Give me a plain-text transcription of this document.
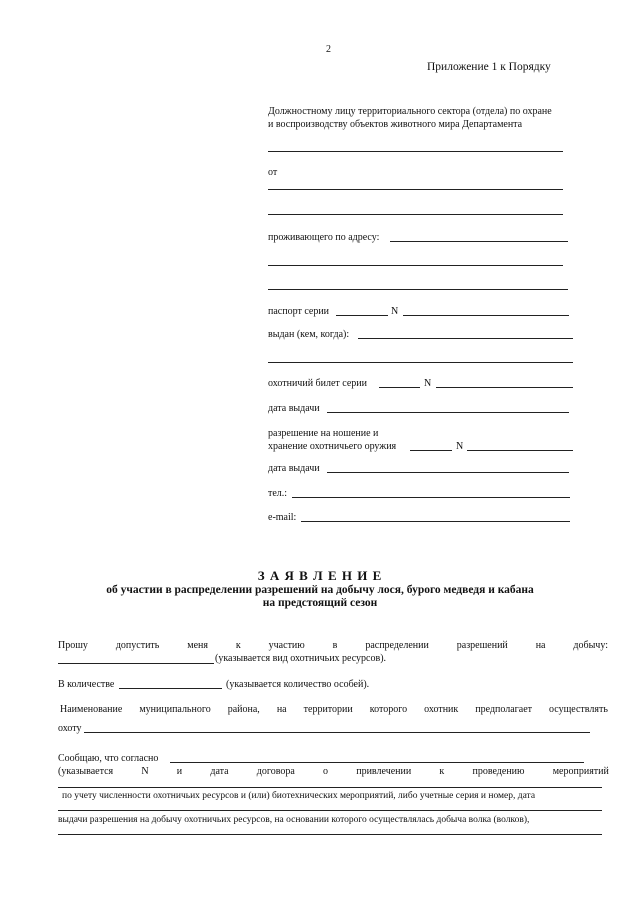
2
Приложение 1 к Порядку
Должностному лицу территориального сектора (отдела) по охране
и воспроизводству объектов животного мира Департамента
от
проживающего по адресу:
паспорт серии	N
выдан (кем, когда):
охотничий билет серии	N
дата выдачи
разрешение на ношение и
хранение охотничьего оружия	N
дата выдачи
тел.:
e-mail:
З А Я В Л Е Н И Е
об участии в распределении разрешений на добычу лося, бурого медведя и кабана
на предстоящий сезон
Прошу	допустить	меня	к	участию	в	распределении	разрешений	на	добычу:
(указывается вид охотничьих ресурсов).
В количестве	(указывается количество особей).
Наименование муниципального района, на территории которого охотник предполагает осуществлять
охоту
Сообщаю, что согласно
(указывается	N	и	дата	договора	о	привлечении	к	проведению	мероприятий
по учету численности охотничьих ресурсов и (или) биотехнических мероприятий, либо учетные серия и номер, дата
выдачи разрешения на добычу охотничьих ресурсов, на основании которого осуществлялась добыча волка (волков),
